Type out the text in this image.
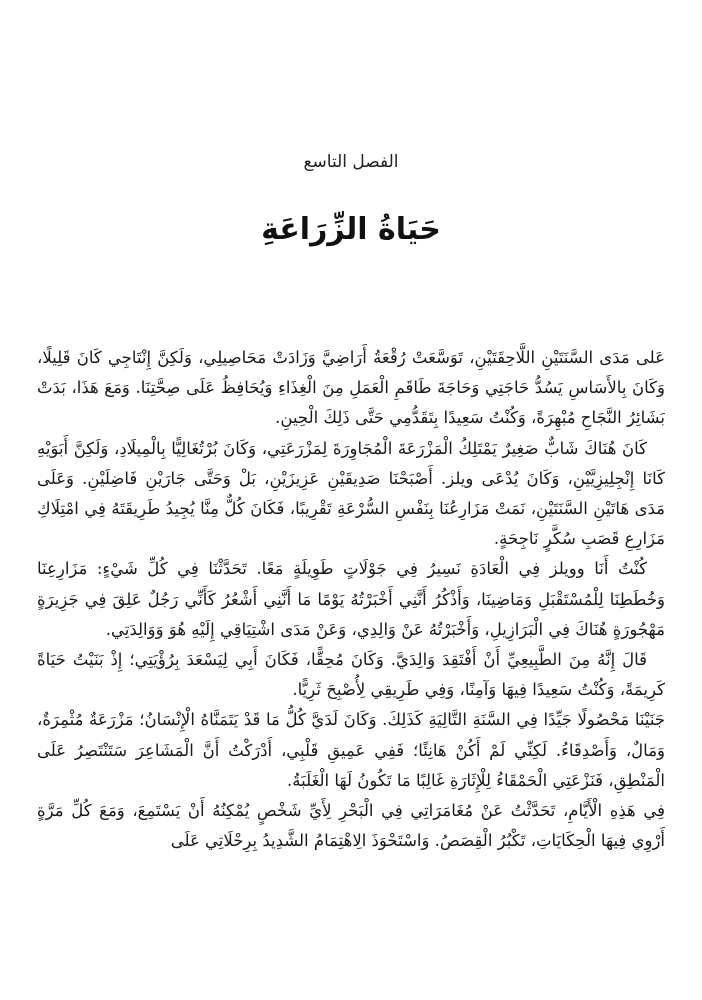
الفصل التاسع
حَيَاةُ الزِّرَاعَةِ

عَلى مَدَى السَّنَتَيْنِ اللَّاحِقَتَيْنِ، تَوَسَّعَتْ رُقْعَةُ أَرَاضِيَّ وَزَادَتْ مَحَاصِيلِي، وَلَكِنَّ إِنْتَاجِي كَانَ قَلِيلًا، وَكَانَ بِالأَسَاسِ يَسُدُّ حَاجَتِي وَحَاجَةَ طَاقَمِ الْعَمَلِ مِنَ الْغِذَاءِ وَيُحَافِظُ عَلَى صِحَّتِنَا. وَمَعَ هَذَا، بَدَتْ بَشَائِرُ النَّجَاحِ مُبْهِرَةً، وَكُنْتُ سَعِيدًا بِتَقَدُّمِي حَتَّى ذَلِكَ الْحِينِ.

كَانَ هُنَاكَ شَابٌّ صَغِيرٌ يَمْتَلِكُ الْمَزْرَعَةَ الْمُجَاوِرَةَ لِمَزْرَعَتِي، وَكَانَ بُرْتُغَالِيًّا بِالْمِيلَادِ، وَلَكِنَّ أَبَوَيْهِ كَانَا إِنْجِلِيزِيَّيْنِ، وَكَانَ يُدْعَى ويلز. أَصْبَحْنَا صَدِيقَيْنِ عَزِيزَيْنِ، بَلْ وَحَتَّى جَارَيْنِ فَاضِلَيْنِ. وَعَلَى مَدَى هَاتَيْنِ السَّنَتَيْنِ، نَمَتْ مَزَارِعُنَا بِنَفْسِ السُّرْعَةِ تَقْرِيبًا، فَكَانَ كُلٌّ مِنَّا يُجِيدُ طَرِيقَتَهُ فِي امْتِلَاكِ مَزَارِعِ قَصَبِ سُكَّرٍ نَاجِحَةٍ.

كُنْتُ أَنَا وويلز فِي الْعَادَةِ نَسِيرُ فِي جَوْلَاتٍ طَوِيلَةٍ مَعًا. تَحَدَّثْنَا فِي كُلِّ شَيْءٍ: مَزَارِعِنَا وَخُطَطِنَا لِلْمُسْتَقْبَلِ وَمَاضِينَا، وَأَذْكُرُ أَنَّنِي أَخْبَرْتُهُ يَوْمًا مَا أَنَّنِي أَشْعُرُ كَأَنِّي رَجُلٌ عَلِقَ فِي جَزِيرَةٍ مَهْجُورَةٍ هُنَاكَ فِي الْبَرَازِيلِ، وَأَخْبَرْتُهُ عَنْ وَالِدِي، وَعَنْ مَدَى اشْتِيَاقِي إِلَيْهِ هُوَ وَوَالِدَتِي.

قَالَ إِنَّهُ مِنَ الطَّبِيعِيِّ أَنْ أَفْتَقِدَ وَالِدَيَّ. وَكَانَ مُحِقًّا، فَكَانَ أَبِي لِيَسْعَدَ بِرُؤْيَتِي؛ إِذْ بَنَيْتُ حَيَاةً كَرِيمَةً، وَكُنْتُ سَعِيدًا فِيهَا وَآمِنًا، وَفِي طَرِيقِي لِأُصْبِحَ ثَرِيًّا.

جَنَيْنَا مَحْصُولًا جَيِّدًا فِي السَّنَةِ التَّالِيَةِ كَذَلِكَ. وَكَانَ لَدَيَّ كُلُّ مَا قَدْ يَتَمَنَّاهُ الْإِنْسَانُ؛ مَزْرَعَةٌ مُثْمِرَةٌ، وَمَالٌ، وَأَصْدِقَاءُ. لَكِنِّي لَمْ أَكُنْ هَانِئًا؛ فَفِي عَمِيقِ قَلْبِي، أَدْرَكْتُ أَنَّ الْمَشَاعِرَ سَتَنْتَصِرُ عَلَى الْمَنْطِقِ، فَنَزْعَتِي الْحَمْقَاءُ لِلْإِثَارَةِ غَالِبًا مَا تَكُونُ لَهَا الْغَلَبَةُ.

فِي هَذِهِ الْأَيَّامِ، تَحَدَّثْتُ عَنْ مُغَامَرَاتِي فِي الْبَحْرِ لِأَيِّ شَخْصٍ يُمْكِنُهُ أَنْ يَسْتَمِعَ، وَمَعَ كُلِّ مَرَّةٍ أَرْوِي فِيهَا الْحِكَايَاتِ، تَكْبُرُ الْقِصَصُ. وَاسْتَحْوَذَ الِاهْتِمَامُ الشَّدِيدُ بِرِحْلَاتِي عَلَى
